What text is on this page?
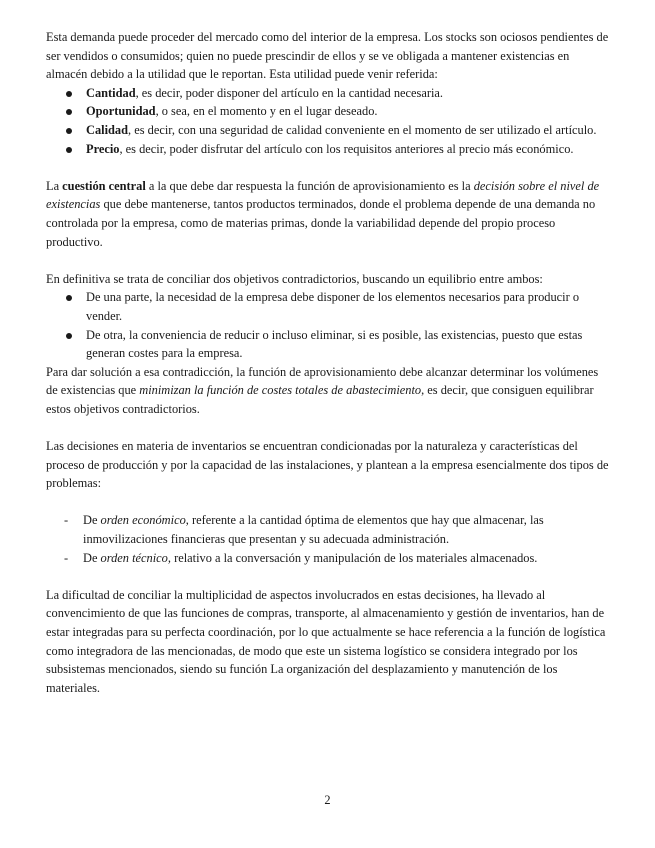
Esta demanda puede proceder del mercado como del interior de la empresa. Los stocks son ociosos pendientes de ser vendidos o consumidos; quien no puede prescindir de ellos y se ve obligada a mantener existencias en almacén debido a la utilidad que le reportan. Esta utilidad puede venir referida:

Cantidad, es decir, poder disponer del artículo en la cantidad necesaria.
Oportunidad, o sea, en el momento y en el lugar deseado.
Calidad, es decir, con una seguridad de calidad conveniente en el momento de ser utilizado el artículo.
Precio, es decir, poder disfrutar del artículo con los requisitos anteriores al precio más económico.

La cuestión central a la que debe dar respuesta la función de aprovisionamiento es la decisión sobre el nivel de existencias que debe mantenerse, tantos productos terminados, donde el problema depende de una demanda no controlada por la empresa, como de materias primas, donde la variabilidad depende del propio proceso productivo.

En definitiva se trata de conciliar dos objetivos contradictorios, buscando un equilibrio entre ambos:

De una parte, la necesidad de la empresa debe disponer de los elementos necesarios para producir o vender.
De otra, la conveniencia de reducir o incluso eliminar, si es posible, las existencias, puesto que estas generan costes para la empresa.

Para dar solución a esa contradicción, la función de aprovisionamiento debe alcanzar determinar los volúmenes de existencias que minimizan la función de costes totales de abastecimiento, es decir, que consiguen equilibrar estos objetivos contradictorios.

Las decisiones en materia de inventarios se encuentran condicionadas por la naturaleza y características del proceso de producción y por la capacidad de las instalaciones, y plantean a la empresa esencialmente dos tipos de problemas:

- De orden económico, referente a la cantidad óptima de elementos que hay que almacenar, las inmovilizaciones financieras que presentan y su adecuada administración.
- De orden técnico, relativo a la conversación y manipulación de los materiales almacenados.

La dificultad de conciliar la multiplicidad de aspectos involucrados en estas decisiones, ha llevado al convencimiento de que las funciones de compras, transporte, al almacenamiento y gestión de inventarios, han de estar integradas para su perfecta coordinación, por lo que actualmente se hace referencia a la función de logística como integradora de las mencionadas, de modo que este un sistema logístico se considera integrado por los subsistemas mencionados, siendo su función La organización del desplazamiento y manutención de los materiales.

2
